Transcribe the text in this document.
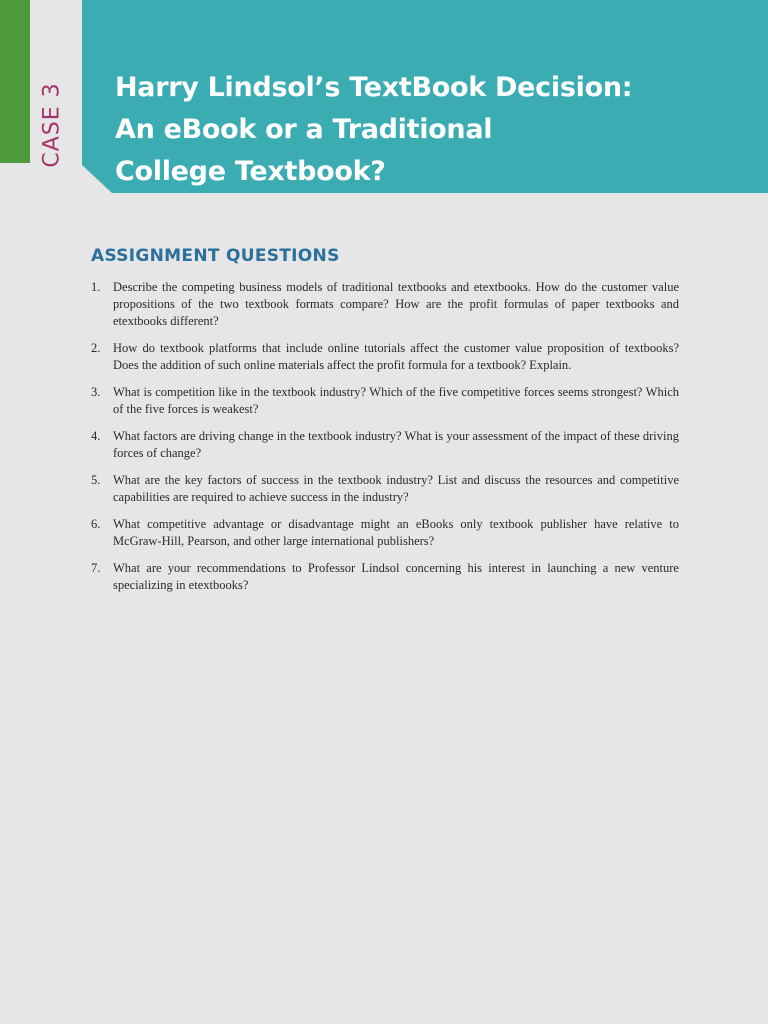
CASE 3 Harry Lindsol’s TextBook Decision:
An eBook or a Traditional
College Textbook?
ASSIGNMENT QUESTIONS
1. Describe the competing business models of traditional textbooks and etextbooks. How do the customer value propositions of the two textbook formats compare? How are the profit formulas of paper textbooks and etextbooks different?
2. How do textbook platforms that include online tutorials affect the customer value proposition of textbooks? Does the addition of such online materials affect the profit formula for a textbook? Explain.
3. What is competition like in the textbook industry? Which of the five competitive forces seems strongest? Which of the five forces is weakest?
4. What factors are driving change in the textbook industry? What is your assessment of the impact of these driving forces of change?
5. What are the key factors of success in the textbook industry? List and discuss the resources and competitive capabilities are required to achieve success in the industry?
6. What competitive advantage or disadvantage might an eBooks only textbook publisher have relative to McGraw-Hill, Pearson, and other large international publishers?
7. What are your recommendations to Professor Lindsol concerning his interest in launching a new venture specializing in etextbooks?
